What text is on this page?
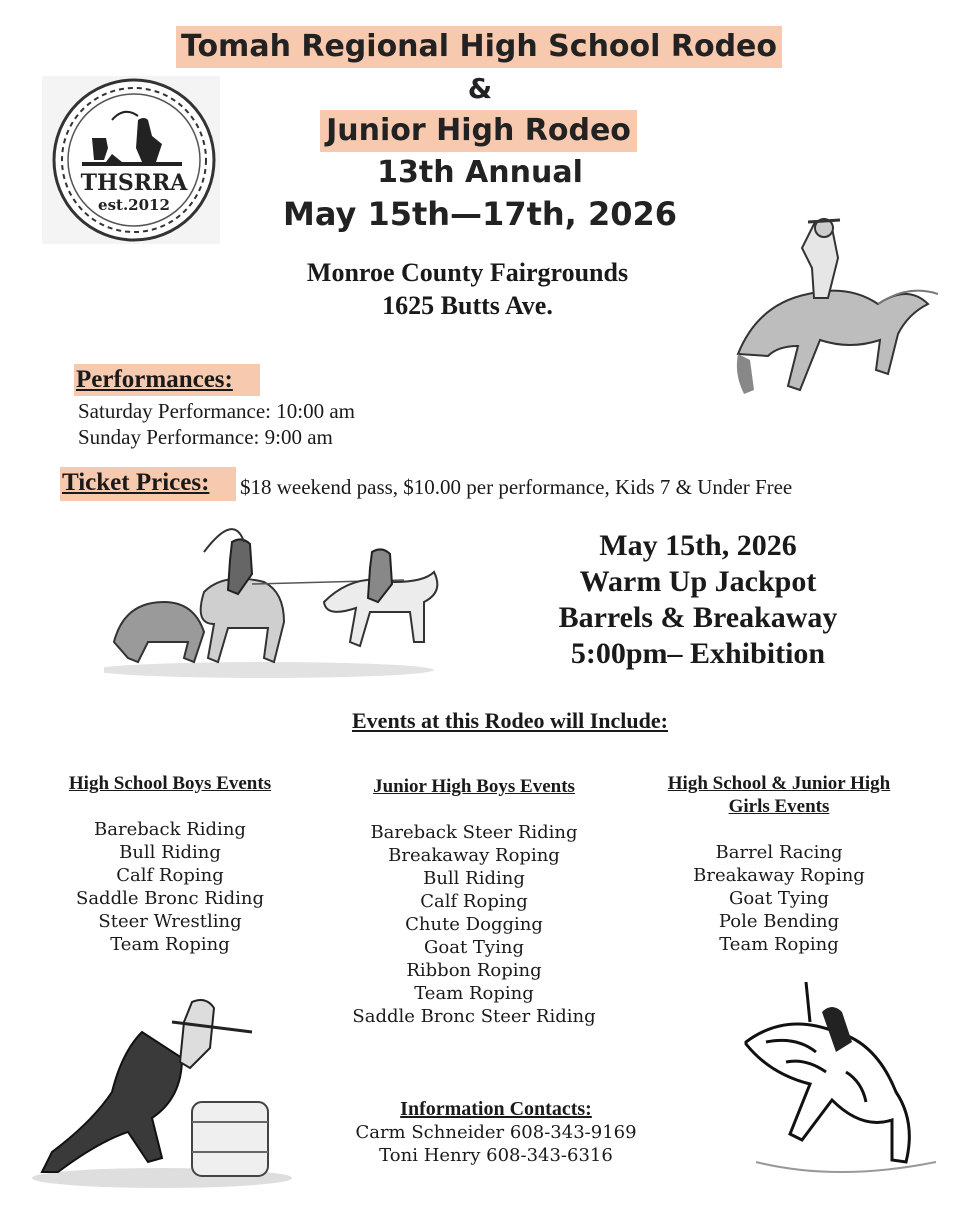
Tomah Regional High School Rodeo
&
Junior High Rodeo
13th Annual
May 15th—17th, 2026
THSRRA
est.2012
Monroe County Fairgrounds
1625 Butts Ave.
Performances:
Saturday Performance: 10:00 am
Sunday Performance: 9:00 am
Ticket Prices:	$18 weekend pass, $10.00 per performance, Kids 7 & Under Free
May 15th, 2026
Warm Up Jackpot
Barrels & Breakaway
5:00pm– Exhibition
Events at this Rodeo will Include:
High School Boys Events
Bareback Riding
Bull Riding
Calf Roping
Saddle Bronc Riding
Steer Wrestling
Team Roping
Junior High Boys Events
Bareback Steer Riding
Breakaway Roping
Bull Riding
Calf Roping
Chute Dogging
Goat Tying
Ribbon Roping
Team Roping
Saddle Bronc Steer Riding
High School & Junior High
Girls Events
Barrel Racing
Breakaway Roping
Goat Tying
Pole Bending
Team Roping
Information Contacts:
Carm Schneider 608-343-9169
Toni Henry 608-343-6316
